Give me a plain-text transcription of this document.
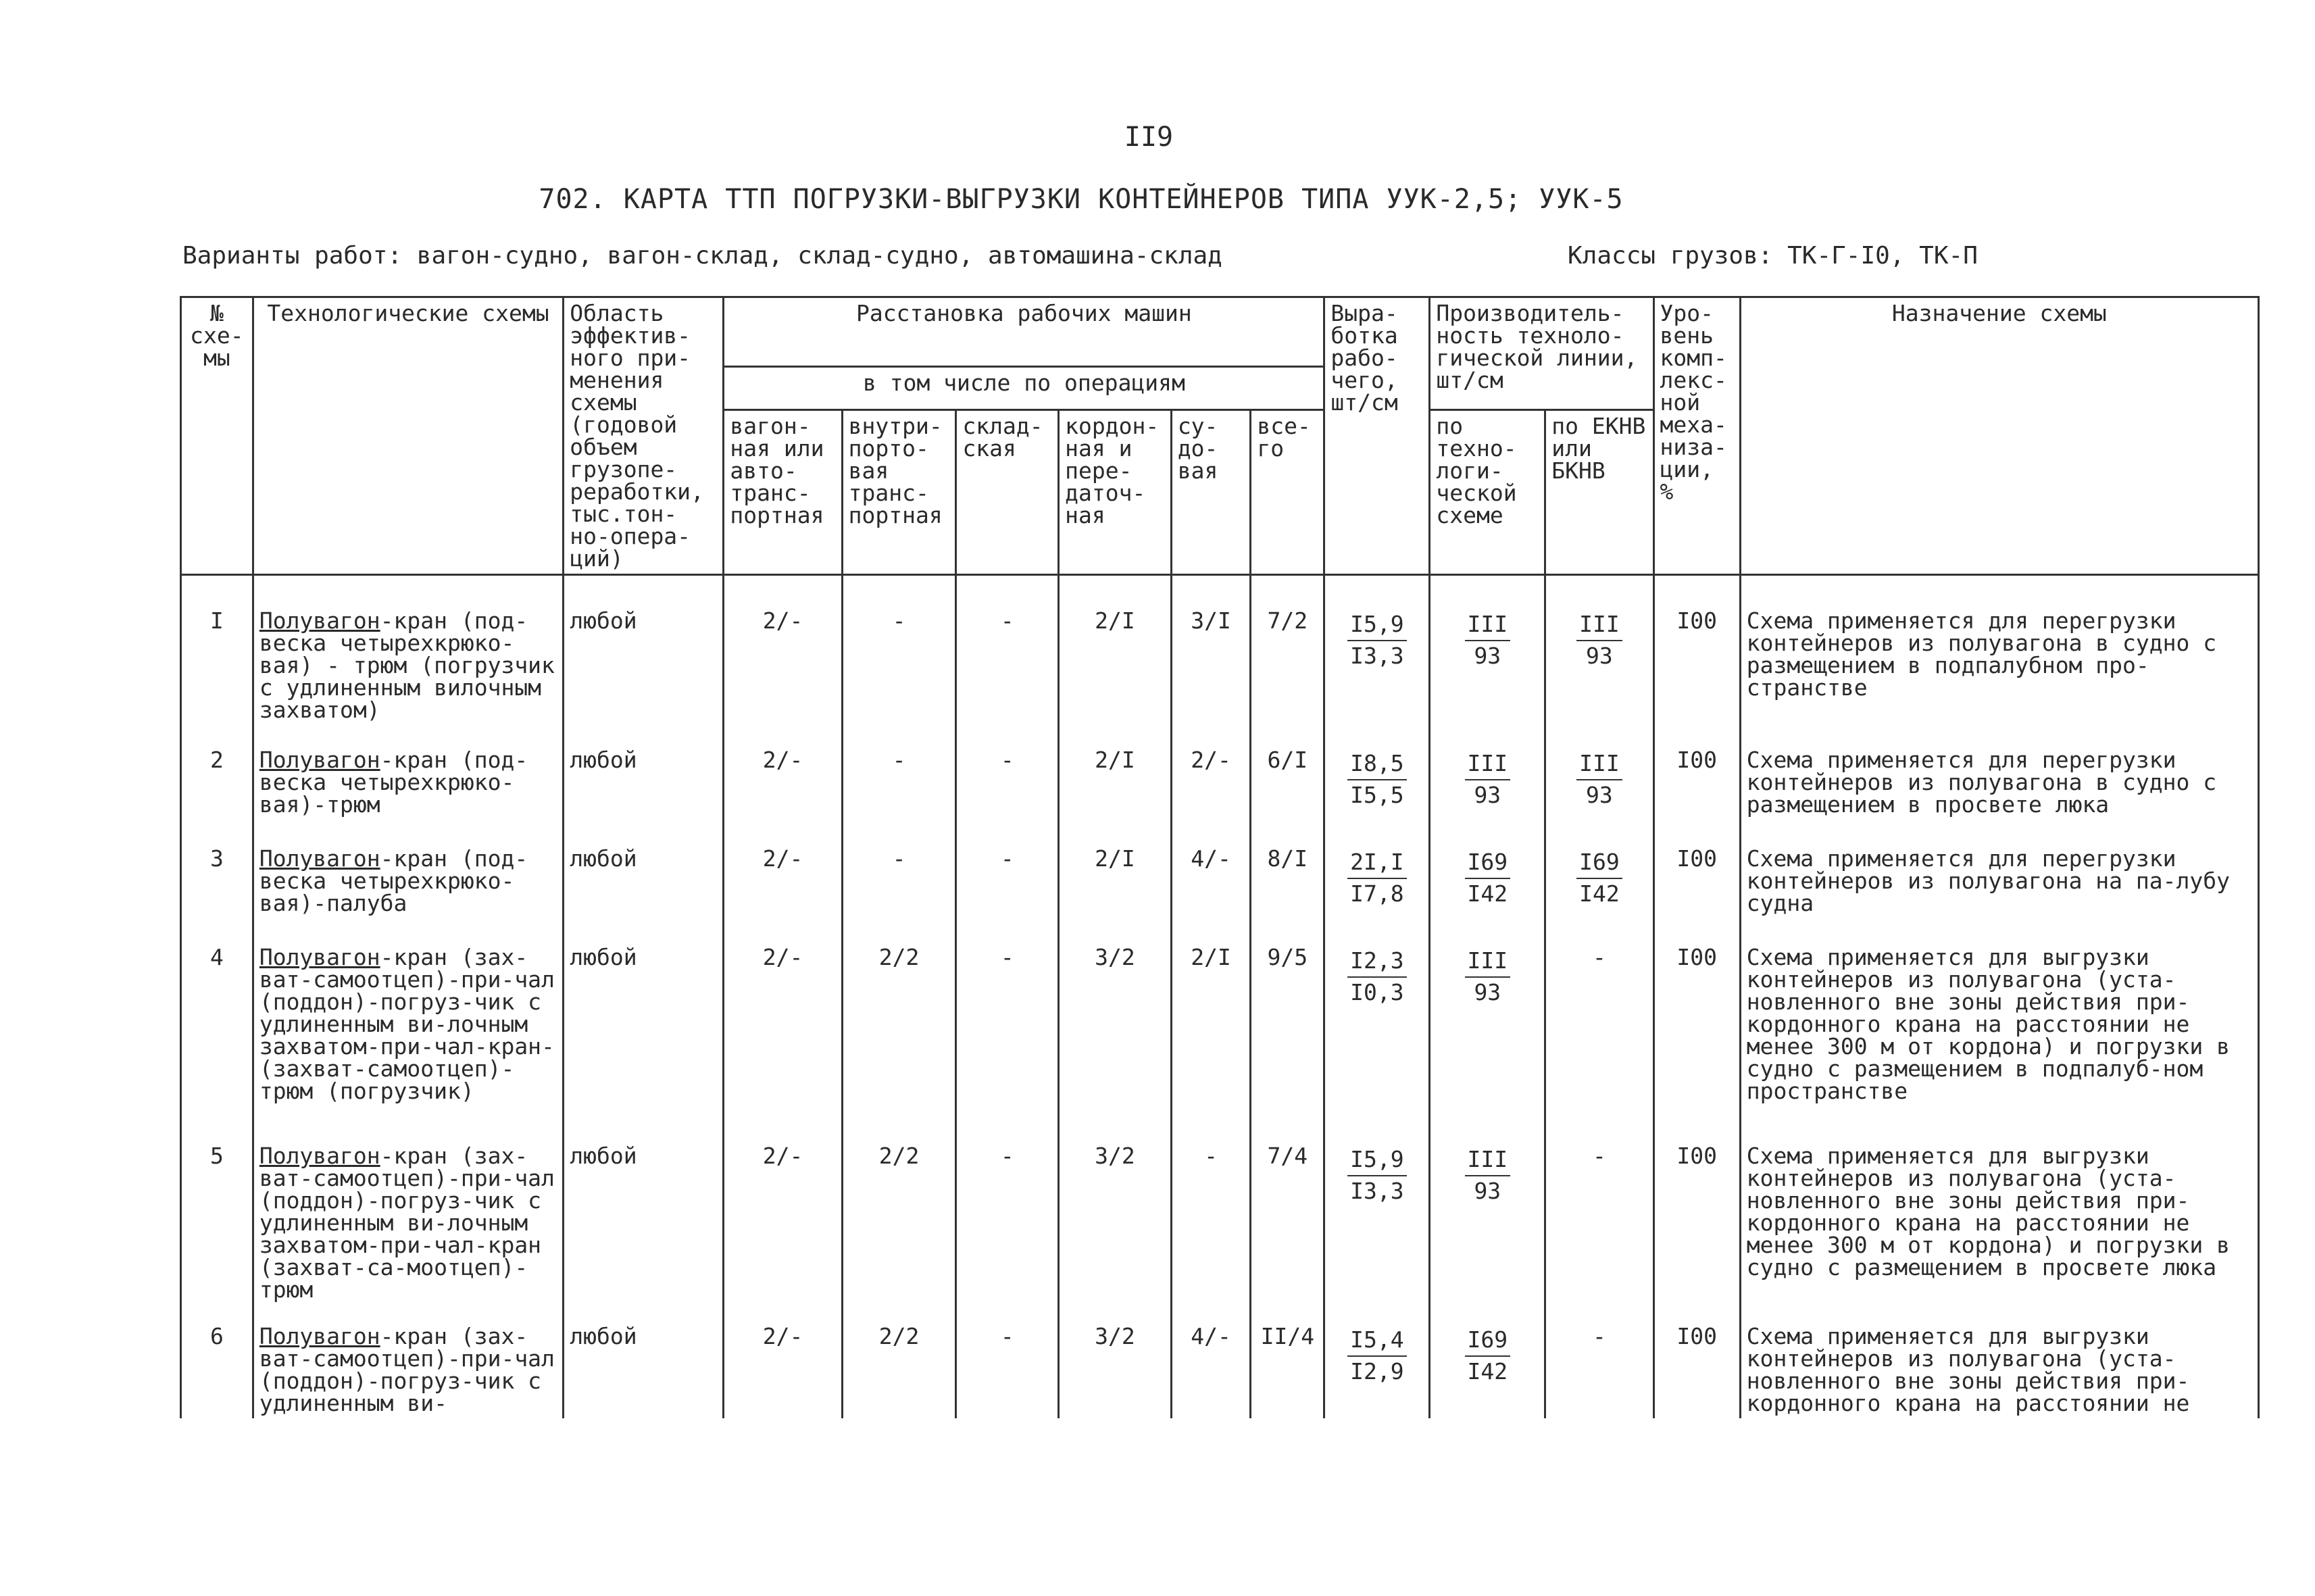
II9
702. КАРТА ТТП ПОГРУЗКИ-ВЫГРУЗКИ КОНТЕЙНЕРОВ ТИПА УУК-2,5; УУК-5
Варианты работ: вагон-судно, вагон-склад, склад-судно, автомашина-склад	Классы грузов: ТК-Г-I0, ТК-П
№ схе-мы	Технологические схемы	Область эффектив-ного при-менения схемы (годовой объем грузопе-реработки, тыс.тон-но-опера-ций)	Расстановка рабочих машин						Выра-ботка рабо-чего, шт/см	Производитель-ность техноло-гической линии, шт/см		Уро-вень комп-лекс-ной меха-низа-ции, %	Назначение схемы
			в том числе по операциям										
			вагон-ная или авто-транс-портная	внутри-порто-вая транс-портная	склад-ская	кордон-ная и пере-даточ-ная	су-до-вая	все-го		по техно-логи-ческой схеме	по ЕКНВ или БКНВ		
I	Полувагон-кран (под-веска четырехкрюко-вая) - трюм (погрузчик с удлиненным вилочным захватом)	любой	2/-	-	-	2/I	3/I	7/2	$\frac{I5,9}{I3,3}$	$\frac{\text{III}}{93}$	$\frac{\text{III}}{93}$	I00	Схема применяется для перегрузки контейнеров из полувагона в судно с размещением в подпалубном про-странстве
2	Полувагон-кран (под-веска четырехкрюко-вая)-трюм	любой	2/-	-	-	2/I	2/-	6/I	$\frac{I8,5}{I5,5}$	$\frac{\text{III}}{93}$	$\frac{\text{III}}{93}$	I00	Схема применяется для перегрузки контейнеров из полувагона в судно с размещением в просвете люка
3	Полувагон-кран (под-веска четырехкрюко-вая)-палуба	любой	2/-	-	-	2/I	4/-	8/I	$\frac{2I,I}{I7,8}$	$\frac{I69}{I42}$	$\frac{I69}{I42}$	I00	Схема применяется для перегрузки контейнеров из полувагона на па-лубу судна
4	Полувагон-кран (зах-ват-самоотцеп)-при-чал (поддон)-погруз-чик с удлиненным ви-лочным захватом-при-чал-кран-(захват-самоотцеп)-трюм (погрузчик)	любой	2/-	2/2	-	3/2	2/I	9/5	$\frac{I2,3}{I0,3}$	$\frac{\text{III}}{93}$	-	I00	Схема применяется для выгрузки контейнеров из полувагона (уста-новленного вне зоны действия при-кордонного крана на расстоянии не менее 300 м от кордона) и погрузки в судно с размещением в подпалуб-ном пространстве
5	Полувагон-кран (зах-ват-самоотцеп)-при-чал (поддон)-погруз-чик с удлиненным ви-лочным захватом-при-чал-кран (захват-са-моотцеп)-трюм	любой	2/-	2/2	-	3/2	-	7/4	$\frac{I5,9}{I3,3}$	$\frac{\text{III}}{93}$	-	I00	Схема применяется для выгрузки контейнеров из полувагона (уста-новленного вне зоны действия при-кордонного крана на расстоянии не менее 300 м от кордона) и погрузки в судно с размещением в просвете люка
6	Полувагон-кран (зах-ват-самоотцеп)-при-чал (поддон)-погруз-чик с удлиненным ви-	любой	2/-	2/2	-	3/2	4/-	II/4	$\frac{I5,4}{I2,9}$	$\frac{I69}{I42}$	-	I00	Схема применяется для выгрузки контейнеров из полувагона (уста-новленного вне зоны действия при-кордонного крана на расстоянии не
